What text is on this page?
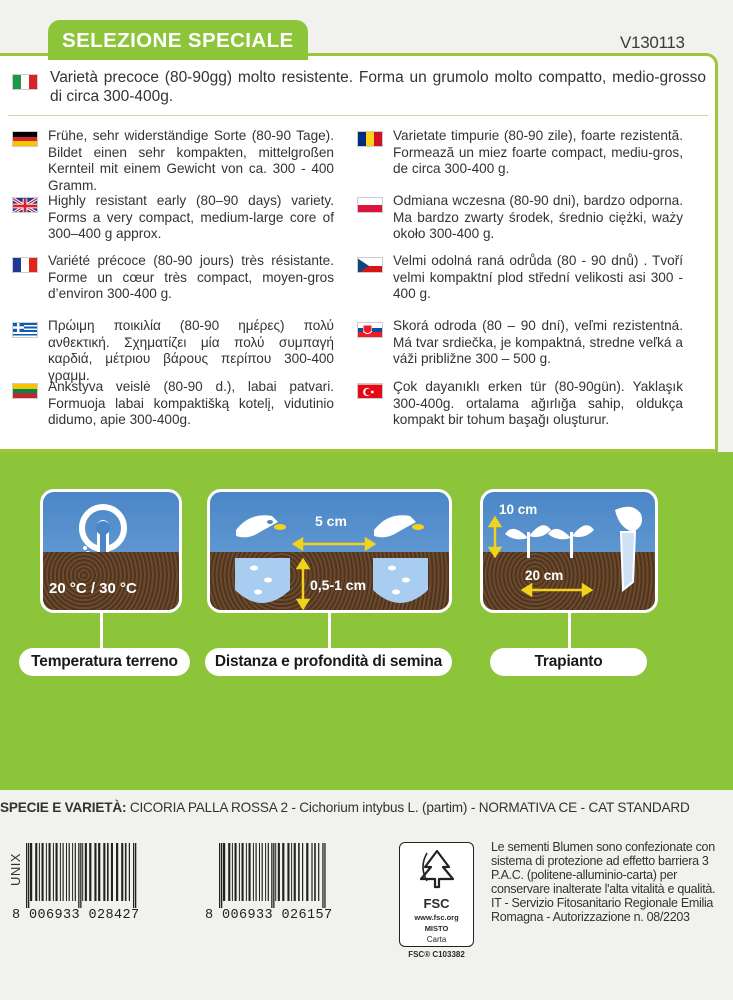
SELEZIONE SPECIALE	V130113
Varietà precoce (80-90gg) molto resistente. Forma un grumolo molto compatto, medio-grosso di circa 300-400g.
Frühe, sehr widerständige Sorte (80-90 Tage). Bildet einen sehr kompakten, mittelgroßen Kernteil mit einem Gewicht von ca. 300 - 400 Gramm.
Highly resistant early (80–90 days) variety. Forms a very compact, medium-large core of 300–400 g approx.
Variété précoce (80-90 jours) très résistante. Forme un cœur très compact, moyen-gros d’environ 300-400 g.
Πρώιμη ποικιλία (80-90 ημέρες) πολύ ανθεκτική. Σχηματίζει μία πολύ συμπαγή καρδιά, μέτριου βάρους περίπου 300-400 γραμμ.
Ankstyva veislė (80-90 d.), labai patvari. Formuoja labai kompaktišką kotelį, vidutinio didumo, apie 300-400g.
Varietate timpurie (80-90 zile), foarte rezistentă. Formează un miez foarte compact, mediu-gros, de circa 300-400 g.
Odmiana wczesna (80-90 dni), bardzo odporna. Ma bardzo zwarty środek, średnio ciężki, waży około 300-400 g.
Velmi odolná raná odrůda (80 - 90 dnů) . Tvoří velmi kompaktní plod střední velikosti asi 300 - 400 g.
Skorá odroda (80 – 90 dní), veľmi rezistentná. Má tvar srdiečka, je kompaktná, stredne veľká a váži približne 300 – 500 g.
Çok dayanıklı erken tür (80-90gün). Yaklaşık 300-400g. ortalama ağırlığa sahip, oldukça kompakt bir tohum başağı oluşturur.
20 °C / 30 °C
Temperatura terreno
5 cm
0,5-1 cm
Distanza e profondità di semina
10 cm
20 cm
Trapianto
SPECIE E VARIETÀ: CICORIA PALLA ROSSA 2 - Cichorium intybus L. (partim) - NORMATIVA CE - CAT STANDARD
UNIX
8 006933 028427	8 006933 026157
FSC
www.fsc.org
MISTO
Carta
FSC® C103382
Le sementi Blumen sono confezionate con sistema di protezione ad effetto barriera 3 P.A.C. (politene-alluminio-carta) per conservare inalterate l'alta vitalità e qualità. IT - Servizio Fitosanitario Regionale Emilia Romagna - Autorizzazione n. 08/2203
